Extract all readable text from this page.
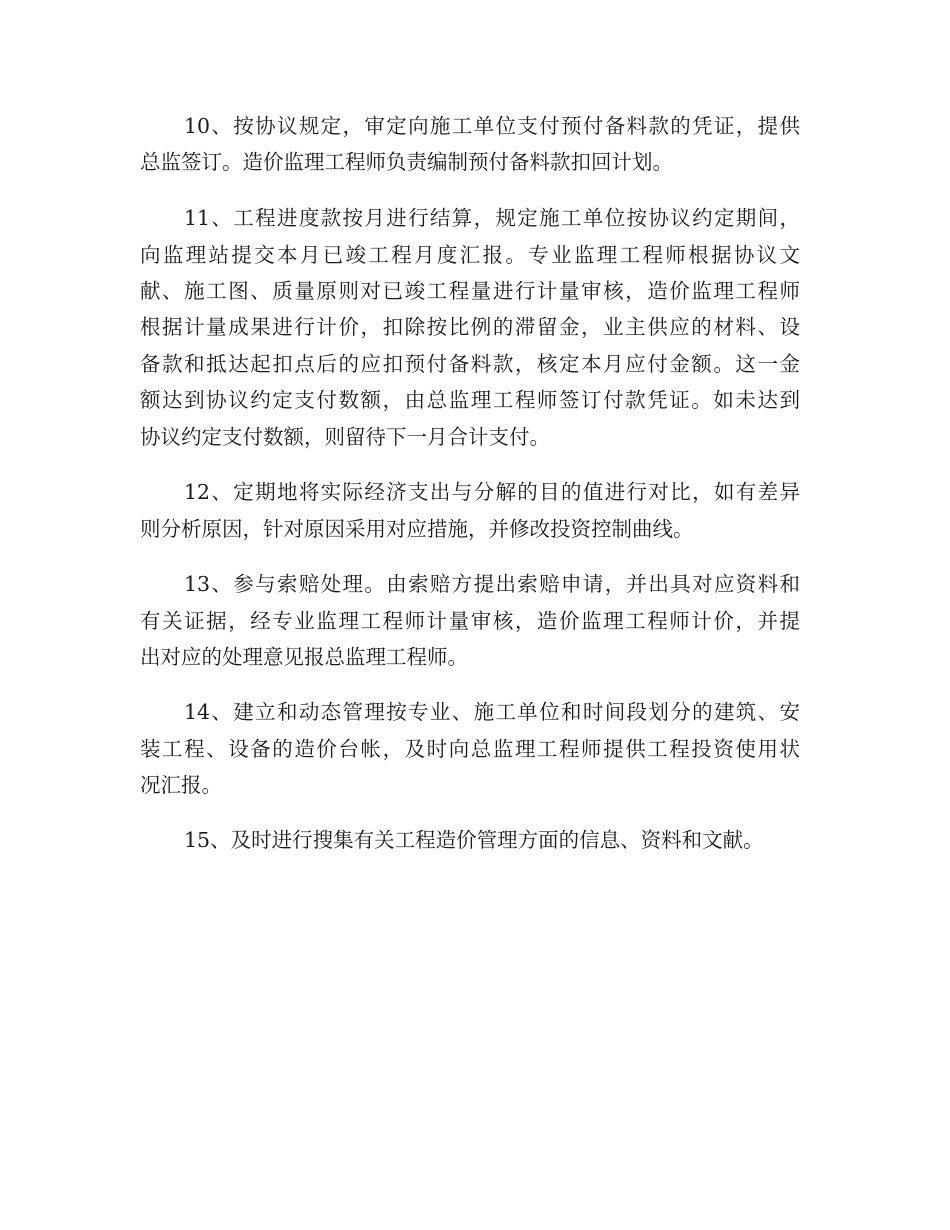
10、按协议规定，审定向施工单位支付预付备料款的凭证，提供
总监签订。造价监理工程师负责编制预付备料款扣回计划。
11、工程进度款按月进行结算，规定施工单位按协议约定期间，
向监理站提交本月已竣工程月度汇报。专业监理工程师根据协议文
献、施工图、质量原则对已竣工程量进行计量审核，造价监理工程师
根据计量成果进行计价，扣除按比例的滞留金，业主供应的材料、设
备款和抵达起扣点后的应扣预付备料款，核定本月应付金额。这一金
额达到协议约定支付数额，由总监理工程师签订付款凭证。如未达到
协议约定支付数额，则留待下一月合计支付。
12、定期地将实际经济支出与分解的目的值进行对比，如有差异
则分析原因，针对原因采用对应措施，并修改投资控制曲线。
13、参与索赔处理。由索赔方提出索赔申请，并出具对应资料和
有关证据，经专业监理工程师计量审核，造价监理工程师计价，并提
出对应的处理意见报总监理工程师。
14、建立和动态管理按专业、施工单位和时间段划分的建筑、安
装工程、设备的造价台帐，及时向总监理工程师提供工程投资使用状
况汇报。
15、及时进行搜集有关工程造价管理方面的信息、资料和文献。
